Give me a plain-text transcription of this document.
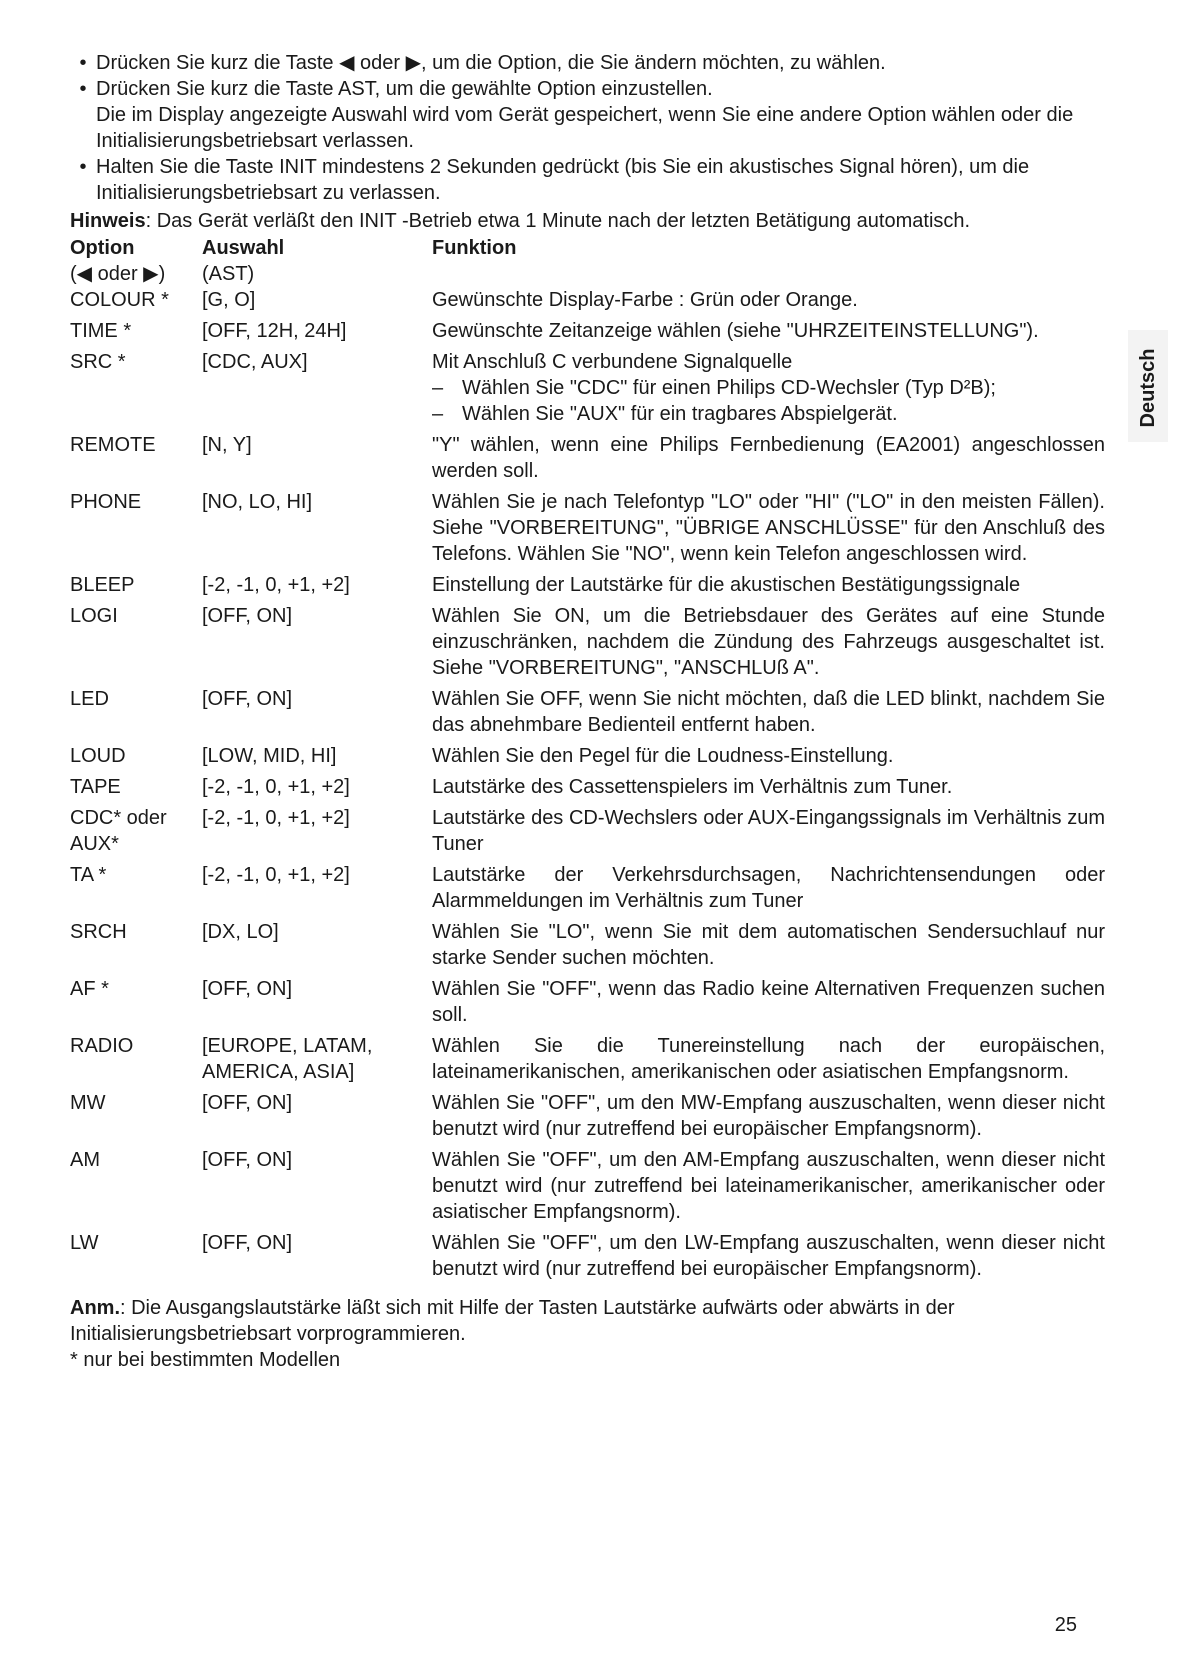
Deutsch
• Drücken Sie kurz die Taste ◀ oder ▶, um die Option, die Sie ändern möchten, zu wählen.
• Drücken Sie kurz die Taste AST, um die gewählte Option einzustellen.
Die im Display angezeigte Auswahl wird vom Gerät gespeichert, wenn Sie eine andere Option wählen oder die Initialisierungsbetriebsart verlassen.
• Halten Sie die Taste INIT mindestens 2 Sekunden gedrückt (bis Sie ein akustisches Signal hören), um die Initialisierungsbetriebsart zu verlassen.
Hinweis: Das Gerät verläßt den INIT -Betrieb etwa 1 Minute nach der letzten Betätigung automatisch.
Option	Auswahl	Funktion
(◀ oder ▶)	(AST)	
COLOUR *	[G, O]	Gewünschte Display-Farbe : Grün oder Orange.
TIME *	[OFF, 12H, 24H]	Gewünschte Zeitanzeige wählen (siehe "UHRZEITEINSTELLUNG").
SRC *	[CDC, AUX]	Mit Anschluß C verbundene Signalquelle
– Wählen Sie "CDC" für einen Philips CD-Wechsler (Typ D²B);
– Wählen Sie "AUX" für ein tragbares Abspielgerät.

REMOTE	[N, Y]	"Y" wählen, wenn eine Philips Fernbedienung (EA2001) angeschlossen werden soll.
PHONE	[NO, LO, HI]	Wählen Sie je nach Telefontyp "LO" oder "HI" ("LO" in den meisten Fällen). Siehe "VORBEREITUNG", "ÜBRIGE ANSCHLÜSSE" für den Anschluß des Telefons. Wählen Sie "NO", wenn kein Telefon angeschlossen wird.
BLEEP	[-2, -1, 0, +1, +2]	Einstellung der Lautstärke für die akustischen Bestätigungssignale
LOGI	[OFF, ON]	Wählen Sie ON, um die Betriebsdauer des Gerätes auf eine Stunde einzuschränken, nachdem die Zündung des Fahrzeugs ausgeschaltet ist. Siehe "VORBEREITUNG", "ANSCHLUß A".
LED	[OFF, ON]	Wählen Sie OFF, wenn Sie nicht möchten, daß die LED blinkt, nachdem Sie das abnehmbare Bedienteil entfernt haben.
LOUD	[LOW, MID, HI]	Wählen Sie den Pegel für die Loudness-Einstellung.
TAPE	[-2, -1, 0, +1, +2]	Lautstärke des Cassettenspielers im Verhältnis zum Tuner.
CDC* oder AUX*	[-2, -1, 0, +1, +2]	Lautstärke des CD-Wechslers oder AUX-Eingangssignals im Verhältnis zum Tuner
TA *	[-2, -1, 0, +1, +2]	Lautstärke der Verkehrsdurchsagen, Nachrichtensendungen oder Alarmmeldungen im Verhältnis zum Tuner
SRCH	[DX, LO]	Wählen Sie "LO", wenn Sie mit dem automatischen Sendersuchlauf nur starke Sender suchen möchten.
AF *	[OFF, ON]	Wählen Sie "OFF", wenn das Radio keine Alternativen Frequenzen suchen soll.
RADIO	[EUROPE, LATAM, AMERICA, ASIA]	Wählen Sie die Tunereinstellung nach der europäischen, lateinamerikanischen, amerikanischen oder asiatischen Empfangsnorm.
MW	[OFF, ON]	Wählen Sie "OFF", um den MW-Empfang auszuschalten, wenn dieser nicht benutzt wird (nur zutreffend bei europäischer Empfangsnorm).
AM	[OFF, ON]	Wählen Sie "OFF", um den AM-Empfang auszuschalten, wenn dieser nicht benutzt wird (nur zutreffend bei lateinamerikanischer, amerikanischer oder asiatischer Empfangsnorm).
LW	[OFF, ON]	Wählen Sie "OFF", um den LW-Empfang auszuschalten, wenn dieser nicht benutzt wird (nur zutreffend bei europäischer Empfangsnorm).
Anm.: Die Ausgangslautstärke läßt sich mit Hilfe der Tasten Lautstärke aufwärts oder abwärts in der Initialisierungsbetriebsart vorprogrammieren.
* nur bei bestimmten Modellen
25
